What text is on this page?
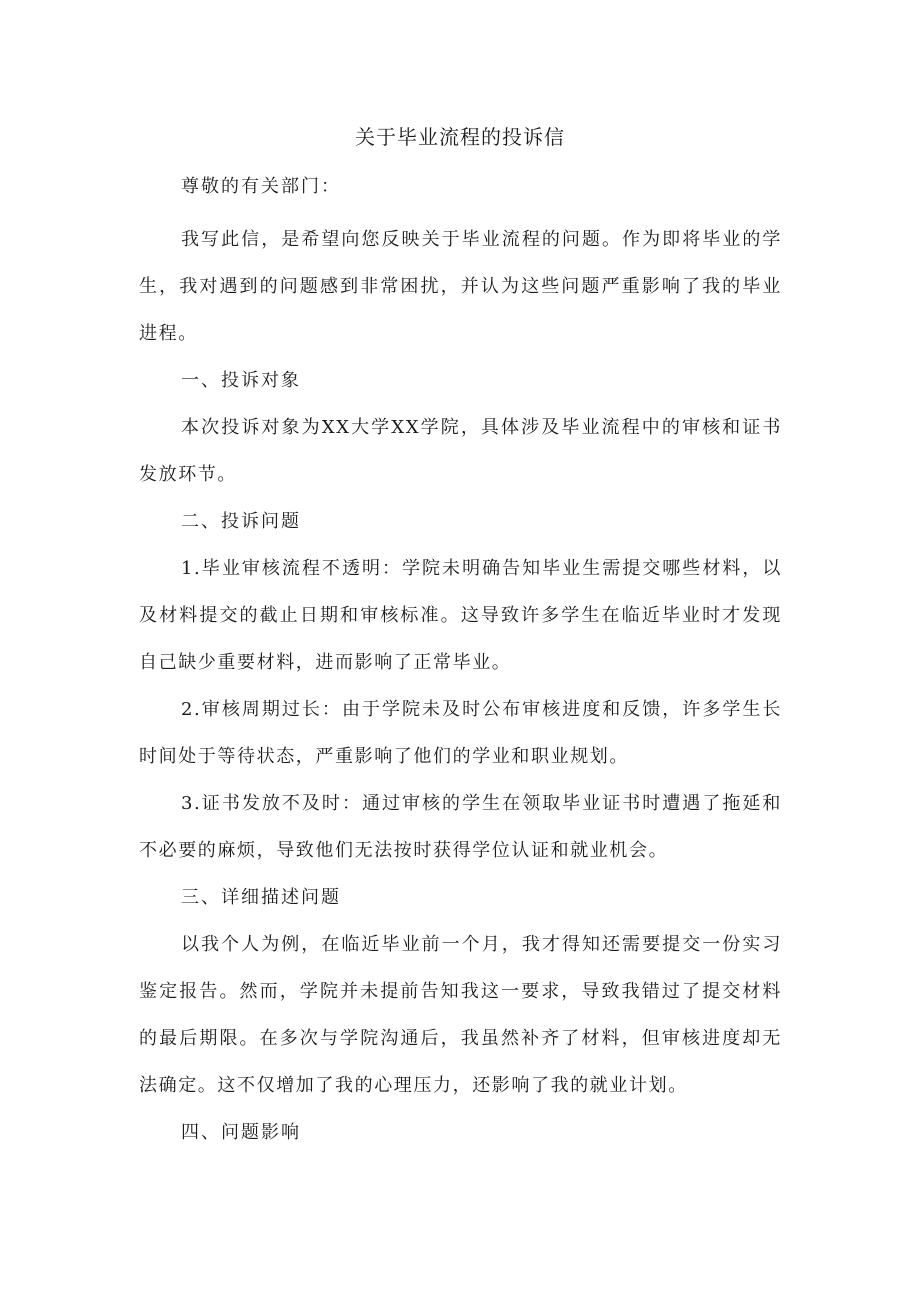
关于毕业流程的投诉信
尊敬的有关部门：

我写此信，是希望向您反映关于毕业流程的问题。作为即将毕业的学生，我对遇到的问题感到非常困扰，并认为这些问题严重影响了我的毕业进程。

一、投诉对象

本次投诉对象为XX大学XX学院，具体涉及毕业流程中的审核和证书发放环节。

二、投诉问题

1.毕业审核流程不透明：学院未明确告知毕业生需提交哪些材料，以及材料提交的截止日期和审核标准。这导致许多学生在临近毕业时才发现自己缺少重要材料，进而影响了正常毕业。

2.审核周期过长：由于学院未及时公布审核进度和反馈，许多学生长时间处于等待状态，严重影响了他们的学业和职业规划。

3.证书发放不及时：通过审核的学生在领取毕业证书时遭遇了拖延和不必要的麻烦，导致他们无法按时获得学位认证和就业机会。

三、详细描述问题

以我个人为例，在临近毕业前一个月，我才得知还需要提交一份实习鉴定报告。然而，学院并未提前告知我这一要求，导致我错过了提交材料的最后期限。在多次与学院沟通后，我虽然补齐了材料，但审核进度却无法确定。这不仅增加了我的心理压力，还影响了我的就业计划。

四、问题影响
